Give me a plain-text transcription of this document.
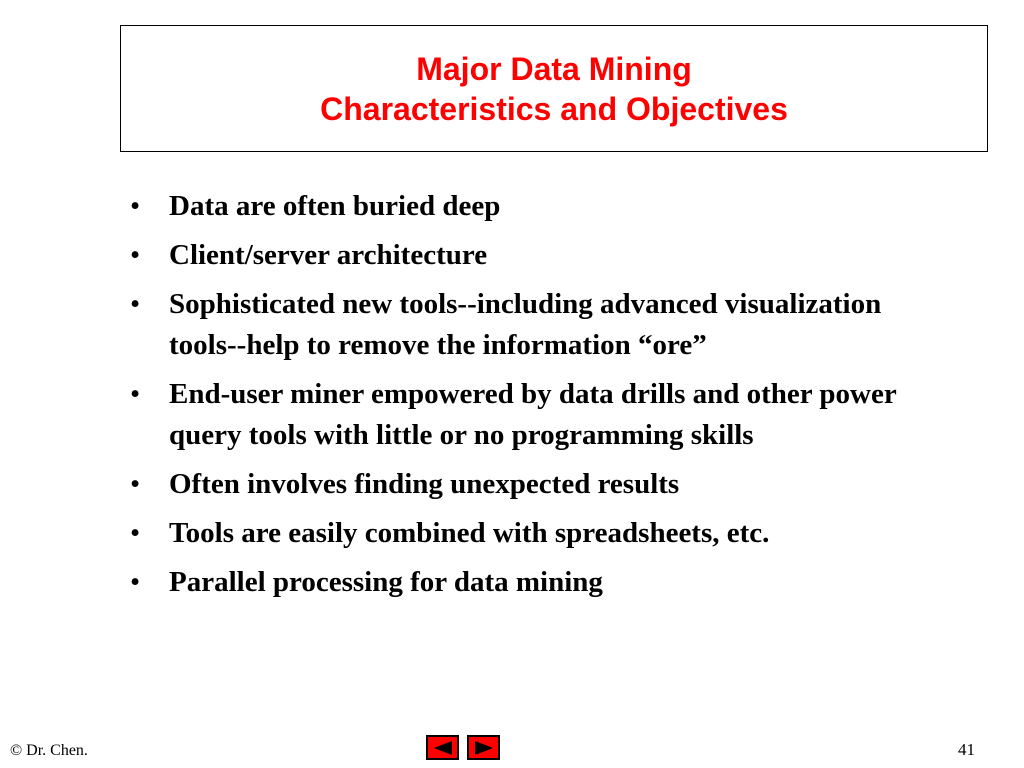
Major Data Mining
Characteristics and Objectives
• Data are often buried deep
• Client/server architecture
• Sophisticated new tools--including advanced visualization tools--help to remove the information “ore”
• End-user miner empowered by data drills and other power query tools with little or no programming skills
• Often involves finding unexpected results
• Tools are easily combined with spreadsheets, etc.
• Parallel processing for data mining
© Dr. Chen.	41
